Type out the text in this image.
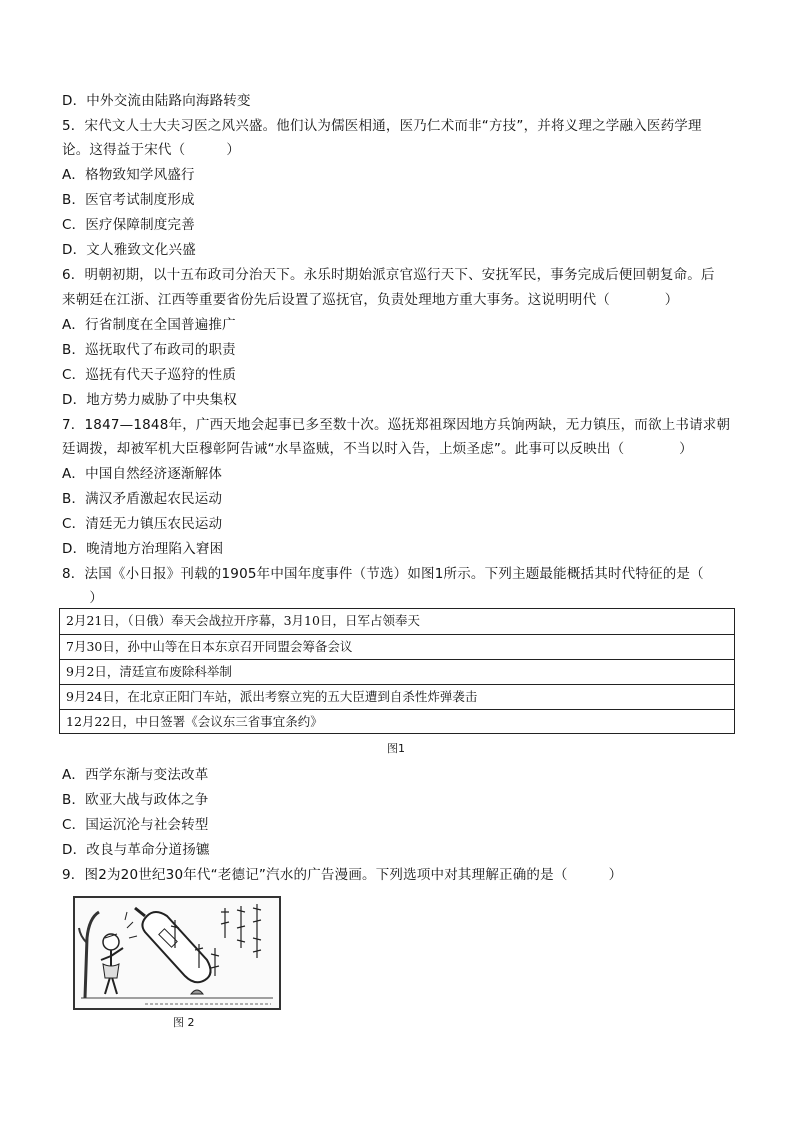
D．中外交流由陆路向海路转变
5．宋代文人士大夫习医之风兴盛。他们认为儒医相通，医乃仁术而非“方技”，并将义理之学融入医药学理
论。这得益于宋代（　　　）
A．格物致知学风盛行
B．医官考试制度形成
C．医疗保障制度完善
D．文人雅致文化兴盛
6．明朝初期，以十五布政司分治天下。永乐时期始派京官巡行天下、安抚军民，事务完成后便回朝复命。后
来朝廷在江浙、江西等重要省份先后设置了巡抚官，负责处理地方重大事务。这说明明代（　　　　）
A．行省制度在全国普遍推广
B．巡抚取代了布政司的职责
C．巡抚有代天子巡狩的性质
D．地方势力威胁了中央集权
7．1847—1848年，广西天地会起事已多至数十次。巡抚郑祖琛因地方兵饷两缺，无力镇压，而欲上书请求朝
廷调拨，却被军机大臣穆彰阿告诫“水旱盗贼，不当以时入告，上烦圣虑”。此事可以反映出（　　　　）
A．中国自然经济逐渐解体
B．满汉矛盾激起农民运动
C．清廷无力镇压农民运动
D．晚清地方治理陷入窘困
8．法国《小日报》刊载的1905年中国年度事件（节选）如图1所示。下列主题最能概括其时代特征的是（
　　）
2月21日，（日俄）奉天会战拉开序幕，3月10日，日军占领奉天
7月30日，孙中山等在日本东京召开同盟会筹备会议
9月2日，清廷宣布废除科举制
9月24日，在北京正阳门车站，派出考察立宪的五大臣遭到自杀性炸弹袭击
12月22日，中日签署《会议东三省事宜条约》
图1
A．西学东渐与变法改革
B．欧亚大战与政体之争
C．国运沉沦与社会转型
D．改良与革命分道扬镳
9．图2为20世纪30年代“老德记”汽水的广告漫画。下列选项中对其理解正确的是（　　　）
图 2
